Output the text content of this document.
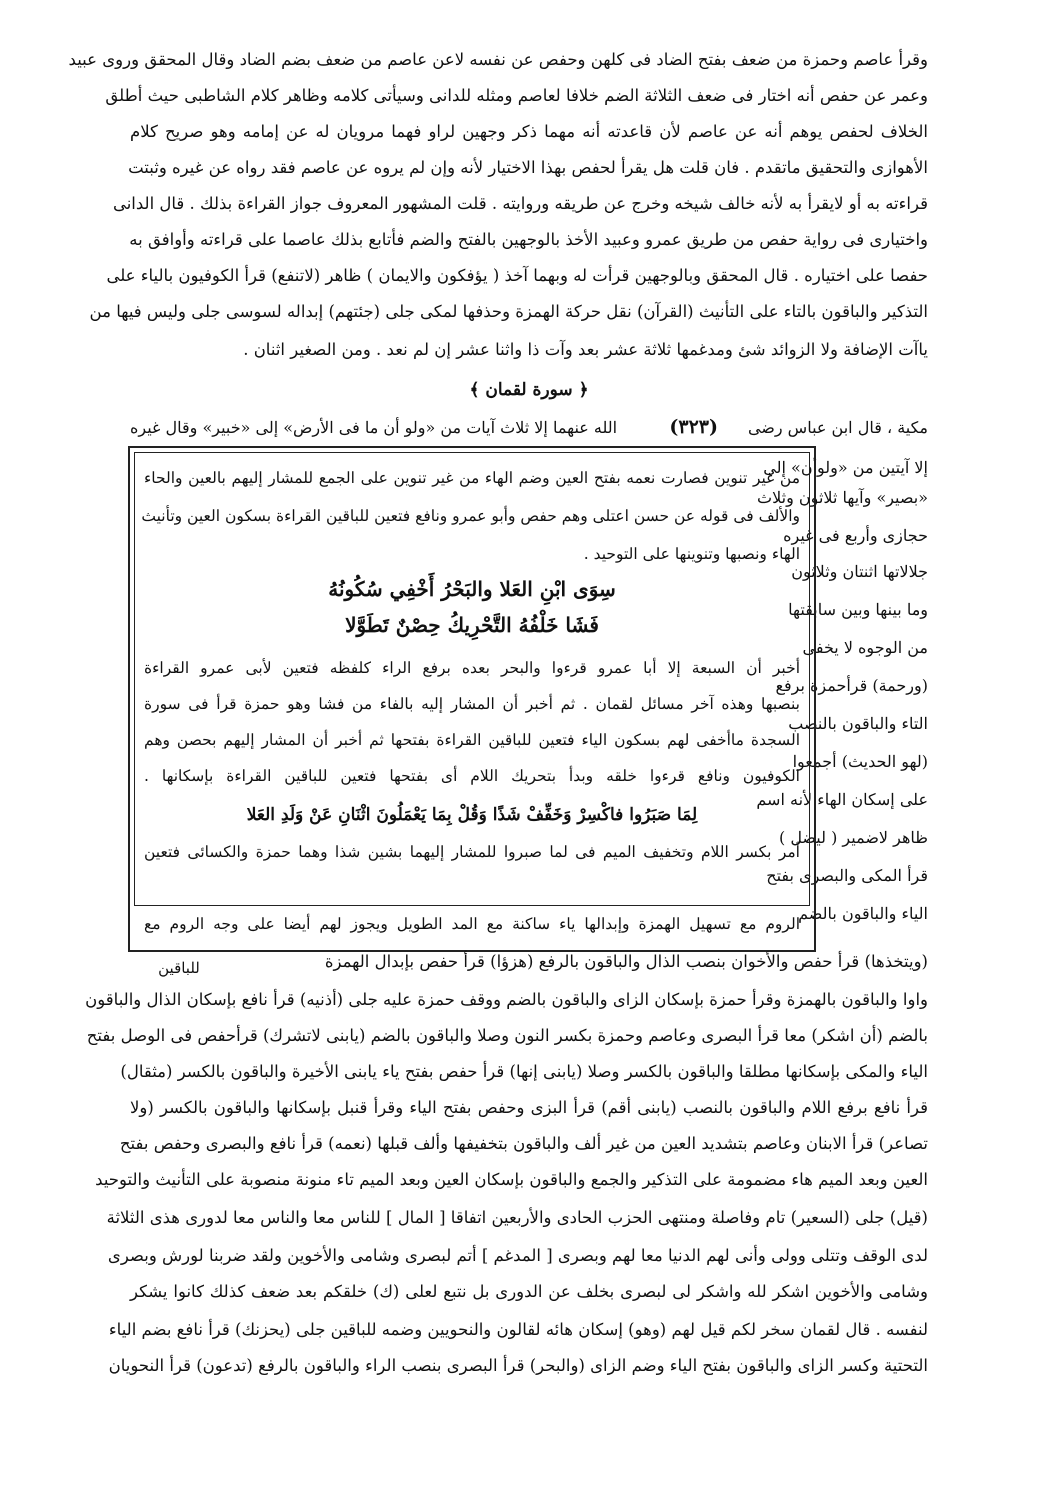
وقرأ عاصم وحمزة من ضعف بفتح الضاد فى كلهن وحفص عن نفسه لاعن عاصم من ضعف بضم الضاد وقال المحقق وروى عبيد
وعمر عن حفص أنه اختار فى ضعف الثلاثة الضم خلافا لعاصم ومثله للدانى وسيأتى كلامه وظاهر كلام الشاطبى حيث أطلق
الخلاف لحفص يوهم أنه عن عاصم لأن قاعدته أنه مهما ذكر وجهين لراو فهما مرويان له عن إمامه وهو صريح كلام
الأهوازى والتحقيق ماتقدم . فان قلت هل يقرأ لحفص بهذا الاختيار لأنه وإن لم يروه عن عاصم فقد رواه عن غيره وثبتت
قراءته به أو لايقرأ به لأنه خالف شيخه وخرج عن طريقه وروايته . قلت المشهور المعروف جواز القراءة بذلك . قال الدانى
واختيارى فى رواية حفص من طريق عمرو وعبيد الأخذ بالوجهين بالفتح والضم فأتابع بذلك عاصما على قراءته وأوافق به
حفصا على اختياره . قال المحقق وبالوجهين قرأت له وبهما آخذ ( يؤفكون والايمان ) ظاهر (لاتنفع) قرأ الكوفيون بالياء على
التذكير والباقون بالتاء على التأنيث (القرآن) نقل حركة الهمزة وحذفها لمكى جلى (جئتهم) إبداله لسوسى جلى وليس فيها من
ياآت الإضافة ولا الزوائد شئ ومدغمها ثلاثة عشر بعد وآت ذا واثنا عشر إن لم نعد . ومن الصغير اثنان .
﴿ سورة لقمان ﴾
مكية ، قال ابن عباس رضى
(٣٢٣)
الله عنهما إلا ثلاث آيات من «ولو أن ما فى الأرض» إلى «خبير» وقال غيره
إلا آيتين من «ولوأن» إلى
«بصير» وآيها ثلاثون وثلاث
حجازى وأربع فى غيره
جلالاتها اثنتان وثلاثون
وما بينها وبين سابقتها
من الوجوه لا يخفى
(ورحمة) قرأحمزة برفع
التاء والباقون بالنصب
(لهو الحديث) أجمعوا
على إسكان الهاء لأنه اسم
ظاهر لاضمير ( ليضل )
قرأ المكى والبصرى بفتح
الياء والباقون بالضم
من غير تنوين فصارت نعمه بفتح العين وضم الهاء من غير تنوين على الجمع للمشار إليهم بالعين والحاء
والألف فى قوله عن حسن اعتلى وهم حفص وأبو عمرو ونافع فتعين للباقين القراءة بسكون العين وتأنيث
الهاء ونصبها وتنوينها على التوحيد .
سِوَى ابْنِ العَلا والبَحْرُ أَخْفِي سُكُونُهُ
فَشَا خَلْفُهُ التَّحْرِيكُ حِصْنٌ تَطَوَّلا
أخبر أن السبعة إلا أبا عمرو قرءوا والبحر بعده برفع الراء كلفظه فتعين لأبى عمرو القراءة
بنصبها وهذه آخر مسائل لقمان . ثم أخبر أن المشار إليه بالفاء من فشا وهو حمزة قرأ فى سورة
السجدة ماأخفى لهم بسكون الياء فتعين للباقين القراءة بفتحها ثم أخبر أن المشار إليهم بحصن وهم
الكوفيون ونافع قرءوا خلقه وبدأ بتحريك اللام أى بفتحها فتعين للباقين القراءة بإسكانها .
لِمَا صَبَرُوا فاكْسِرْ وَخَفِّفْ شَذًا وَقُلْ بِمَا يَعْمَلُونَ اثْنَانِ عَنْ وَلَدِ العَلا
أمر بكسر اللام وتخفيف الميم فى لما صبروا للمشار إليهما بشين شذا وهما حمزة والكسائى فتعين
الروم مع تسهيل الهمزة وإبدالها ياء ساكنة مع المد الطويل ويجوز لهم أيضا على وجه الروم مع
للباقين	(ويتخذها) قرأ حفص والأخوان بنصب الذال والباقون بالرفع (هزؤا) قرأ حفص بإبدال الهمزة
واوا والباقون بالهمزة وقرأ حمزة بإسكان الزاى والباقون بالضم ووقف حمزة عليه جلى (أذنيه) قرأ نافع بإسكان الذال والباقون
بالضم (أن اشكر) معا قرأ البصرى وعاصم وحمزة بكسر النون وصلا والباقون بالضم (يابنى لاتشرك) قرأحفص فى الوصل بفتح
الياء والمكى بإسكانها مطلقا والباقون بالكسر وصلا (يابنى إنها) قرأ حفص بفتح ياء يابنى الأخيرة والباقون بالكسر (مثقال)
قرأ نافع برفع اللام والباقون بالنصب (يابنى أقم) قرأ البزى وحفص بفتح الياء وقرأ قنبل بإسكانها والباقون بالكسر (ولا
تصاعر) قرأ الابنان وعاصم بتشديد العين من غير ألف والباقون بتخفيفها وألف قبلها (نعمه) قرأ نافع والبصرى وحفص بفتح
العين وبعد الميم هاء مضمومة على التذكير والجمع والباقون بإسكان العين وبعد الميم تاء منونة منصوبة على التأنيث والتوحيد
(قيل) جلى (السعير) تام وفاصلة ومنتهى الحزب الحادى والأربعين اتفاقا [ المال ] للناس معا والناس معا لدورى هذى الثلاثة
لدى الوقف وتتلى وولى وأنى لهم الدنيا معا لهم وبصرى [ المدغم ] أتم لبصرى وشامى والأخوين ولقد ضربنا لورش وبصرى
وشامى والأخوين اشكر لله واشكر لى لبصرى بخلف عن الدورى بل نتبع لعلى (ك) خلقكم بعد ضعف كذلك كانوا يشكر
لنفسه . قال لقمان سخر لكم قيل لهم (وهو) إسكان هائه لقالون والنحويين وضمه للباقين جلى (يحزنك) قرأ نافع بضم الياء
التحتية وكسر الزاى والباقون بفتح الياء وضم الزاى (والبحر) قرأ البصرى بنصب الراء والباقون بالرفع (تدعون) قرأ النحويان
